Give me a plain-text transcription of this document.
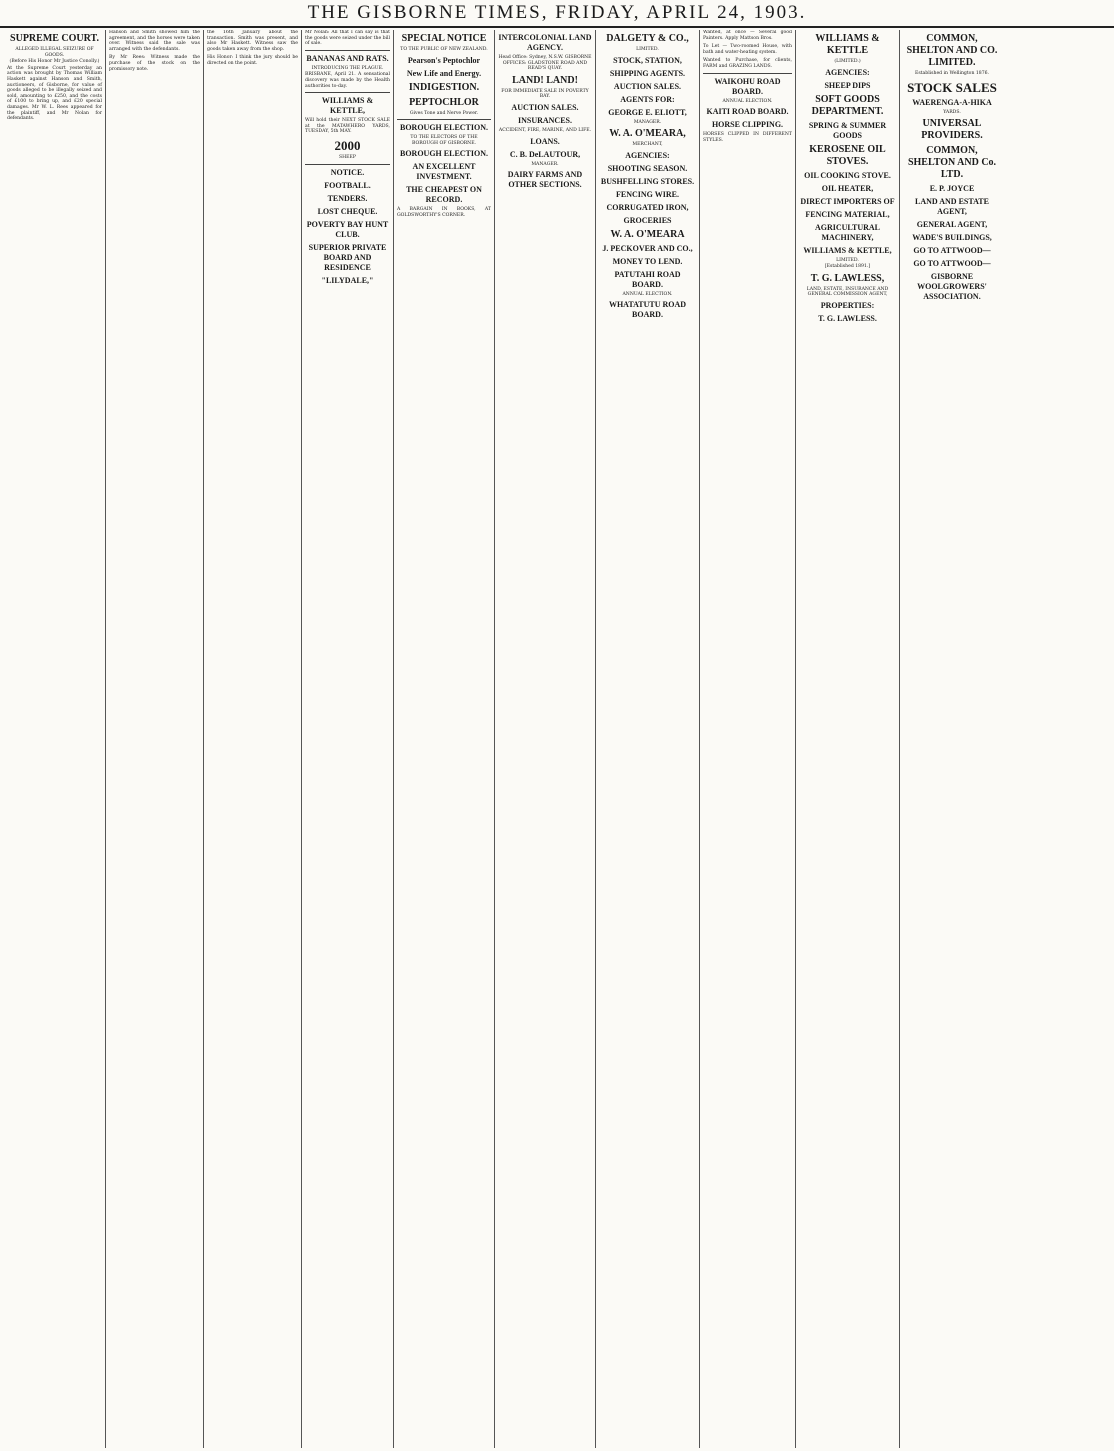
THE GISBORNE TIMES, FRIDAY, APRIL 24, 1903.
SUPREME COURT.
ALLEGED ILLEGAL SEIZURE OF GOODS.
(Before His Honor Mr Justice Conolly.)
At the Supreme Court yesterday an action was brought by Thomas William Haskett against Hanson and Smith, auctioneers, of Gisborne, for value of goods alleged to be illegally seized and sold, amounting to £250, and the costs of £100 to bring up, and £20 special damages. Mr W. L. Rees appeared for the plaintiff, and Mr Nolan for defendants.
Hanson and Smith showed him the agreement, and the horses were taken over. Witness said the sale was arranged with the defendants.
By Mr Rees: Witness made the purchase of the stock on the promissory note.
the 16th January about the transaction. Smith was present, and also Mr Haskett. Witness saw the goods taken away from the shop.
His Honor: I think the jury should be directed on the point.
Mr Nolan: All that I can say is that the goods were seized under the bill of sale.
BANANAS AND RATS.
INTRODUCING THE PLAGUE.
BRISBANE, April 21. A sensational discovery was made by the Health authorities to-day.
WILLIAMS & KETTLE,
Will hold their NEXT STOCK SALE at the MATAWHERO YARDS, TUESDAY, 5th MAY.
2000
SHEEP
NOTICE.
FOOTBALL.
TENDERS.
LOST CHEQUE.
POVERTY BAY HUNT CLUB.
SUPERIOR PRIVATE BOARD AND RESIDENCE
"LILYDALE,"
SPECIAL NOTICE
TO THE PUBLIC OF NEW ZEALAND.
Pearson's Peptochlor
New Life and Energy.
INDIGESTION.
PEPTOCHLOR
Gives Tone and Nerve Power.
BOROUGH ELECTION.
TO THE ELECTORS OF THE BOROUGH OF GISBORNE.
BOROUGH ELECTION.
AN EXCELLENT INVESTMENT.
THE CHEAPEST ON RECORD.
A BARGAIN IN BOOKS, AT GOLDSWORTHY'S CORNER.
INTERCOLONIAL LAND AGENCY.
Head Office: Sydney, N.S.W. GISBORNE OFFICES: GLADSTONE ROAD AND READ'S QUAY.
LAND! LAND!
FOR IMMEDIATE SALE IN POVERTY BAY.
AUCTION SALES.
INSURANCES.
ACCIDENT, FIRE, MARINE, AND LIFE.
LOANS.
C. B. DeLAUTOUR,
MANAGER.
DAIRY FARMS AND OTHER SECTIONS.
DALGETY & CO.,
LIMITED.
STOCK, STATION,
SHIPPING AGENTS.
AUCTION SALES.
AGENTS FOR:
GEORGE E. ELIOTT,
MANAGER.
W. A. O'MEARA,
MERCHANT,
AGENCIES:
SHOOTING SEASON.
BUSHFELLING STORES.
FENCING WIRE.
CORRUGATED IRON,
GROCERIES
W. A. O'MEARA
J. PECKOVER AND CO.,
MONEY TO LEND.
PATUTAHI ROAD BOARD.
ANNUAL ELECTION.
WHATATUTU ROAD BOARD.
Wanted, at once — Several good Painters. Apply Mattson Bros.
To Let — Two-roomed House, with bath and water-heating system.
Wanted to Purchase, for clients, FARM and GRAZING LANDS.
WAIKOHU ROAD BOARD.
ANNUAL ELECTION.
KAITI ROAD BOARD.
HORSE CLIPPING.
HORSES CLIPPED IN DIFFERENT STYLES.
WILLIAMS & KETTLE
(LIMITED.)
AGENCIES:
SHEEP DIPS
SOFT GOODS DEPARTMENT.
SPRING & SUMMER GOODS
KEROSENE OIL STOVES.
OIL COOKING STOVE.
OIL HEATER,
DIRECT IMPORTERS OF
FENCING MATERIAL,
AGRICULTURAL MACHINERY,
WILLIAMS & KETTLE,
LIMITED.
[Established 1891.]
T. G. LAWLESS,
LAND, ESTATE, INSURANCE AND GENERAL COMMISSION AGENT,
PROPERTIES:
T. G. LAWLESS.
COMMON, SHELTON AND CO. LIMITED.
Established in Wellington 1876.
STOCK SALES
WAERENGA-A-HIKA
YARDS.
UNIVERSAL PROVIDERS.
COMMON, SHELTON AND Co. LTD.
E. P. JOYCE
LAND AND ESTATE AGENT,
GENERAL AGENT,
WADE'S BUILDINGS,
GO TO ATTWOOD—
GO TO ATTWOOD—
GISBORNE WOOLGROWERS' ASSOCIATION.
